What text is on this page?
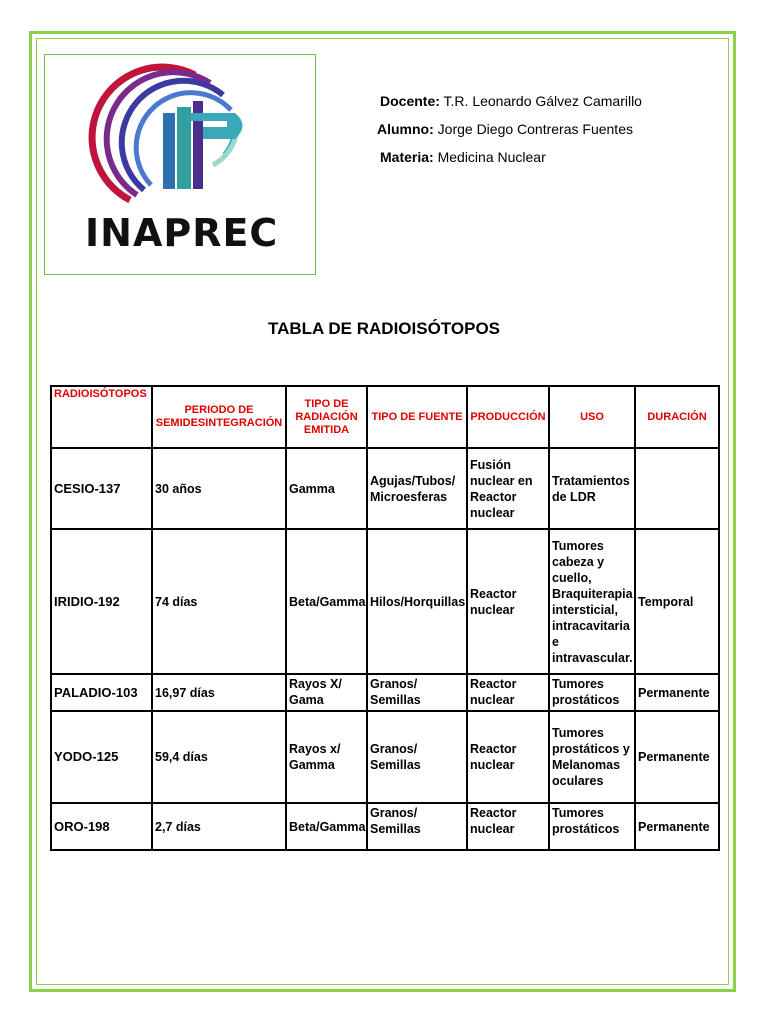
INAPREC
Docente: T.R. Leonardo Gálvez Camarillo
Alumno: Jorge Diego Contreras Fuentes
Materia: Medicina Nuclear
TABLA DE RADIOISÓTOPOS
RADIOISÓTOPOS	PERIODO DE SEMIDESINTEGRACIÓN	TIPO DE RADIACIÓN EMITIDA	TIPO DE FUENTE	PRODUCCIÓN	USO	DURACIÓN
CESIO-137	30 años	Gamma	Agujas/Tubos/ Microesferas	Fusión nuclear en Reactor nuclear	Tratamientos de LDR	
IRIDIO-192	74 días	Beta/Gamma	Hilos/Horquillas	Reactor nuclear	Tumores cabeza y cuello, Braquiterapia intersticial, intracavitaria e intravascular.	Temporal
PALADIO-103	16,97 días	Rayos X/ Gama	Granos/ Semillas	Reactor nuclear	Tumores prostáticos	Permanente
YODO-125	59,4 días	Rayos x/ Gamma	Granos/ Semillas	Reactor nuclear	Tumores prostáticos y Melanomas oculares	Permanente
ORO-198	2,7 días	Beta/Gamma	Granos/ Semillas	Reactor nuclear	Tumores prostáticos	Permanente
